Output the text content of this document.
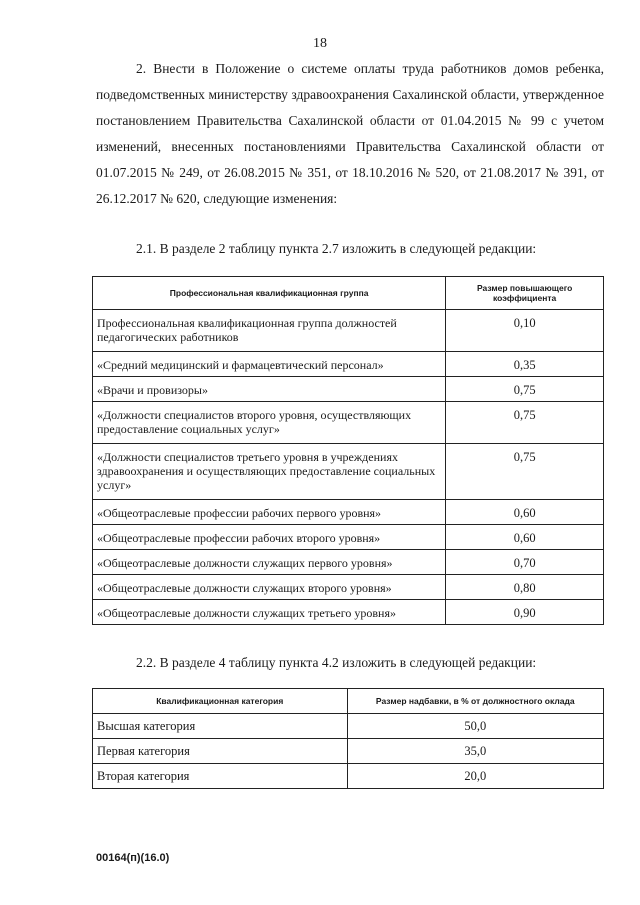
18
2. Внести в Положение о системе оплаты труда работников домов ребенка, подведомственных министерству здравоохранения Сахалинской области, утвержденное постановлением Правительства Сахалинской области от 01.04.2015 № 99 с учетом изменений, внесенных постановлениями Правительства Сахалинской области от 01.07.2015 № 249, от 26.08.2015 № 351, от 18.10.2016 № 520, от 21.08.2017 № 391, от 26.12.2017 № 620, следующие изменения:
2.1. В разделе 2 таблицу пункта 2.7 изложить в следующей редакции:
Профессиональная квалификационная группа	Размер повышающего коэффициента
Профессиональная квалификационная группа должностей педагогических работников	0,10
«Средний медицинский и фармацевтический персонал»	0,35
«Врачи и провизоры»	0,75
«Должности специалистов второго уровня, осуществляющих предоставление социальных услуг»	0,75
«Должности специалистов третьего уровня в учреждениях здравоохранения и осуществляющих предоставление социальных услуг»	0,75
«Общеотраслевые профессии рабочих первого уровня»	0,60
«Общеотраслевые профессии рабочих второго уровня»	0,60
«Общеотраслевые должности служащих первого уровня»	0,70
«Общеотраслевые должности служащих второго уровня»	0,80
«Общеотраслевые должности служащих третьего уровня»	0,90
2.2. В разделе 4 таблицу пункта 4.2 изложить в следующей редакции:
Квалификационная категория	Размер надбавки, в % от должностного оклада
Высшая категория	50,0
Первая категория	35,0
Вторая категория	20,0
00164(п)(16.0)
